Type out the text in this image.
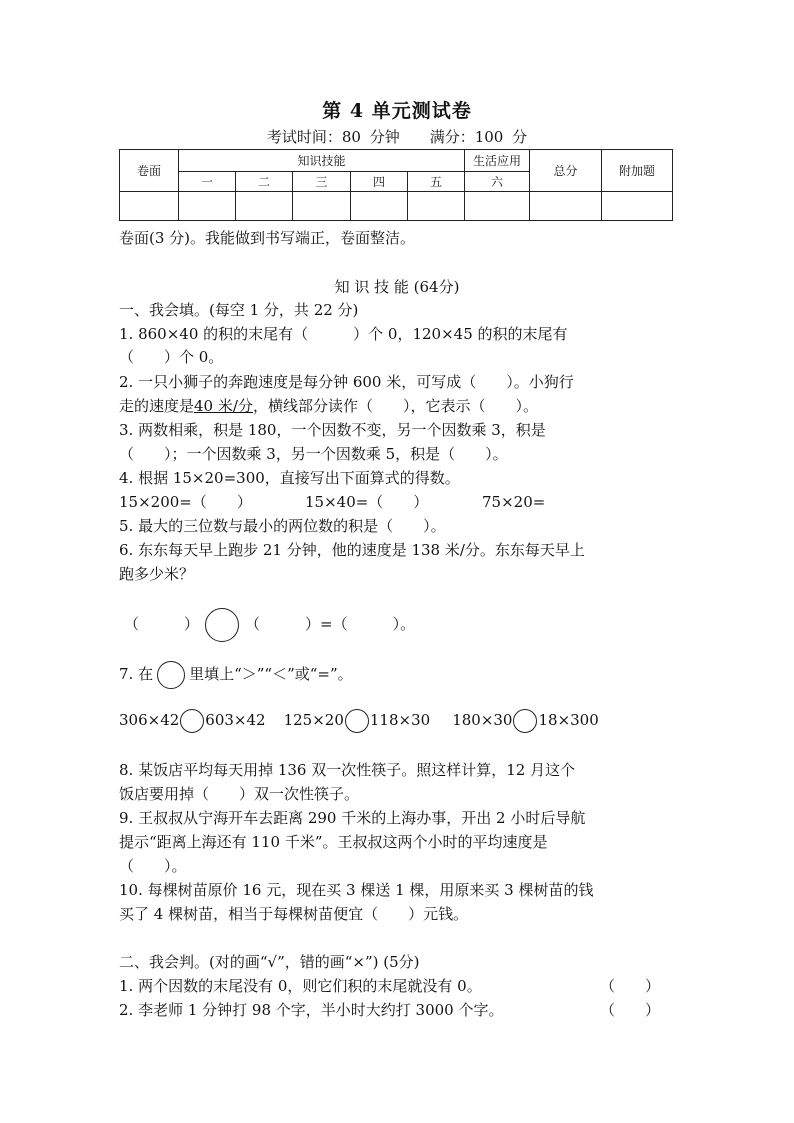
第 4 单元测试卷
考试时间：80 分钟　　满分：100 分
卷面	知识技能					生活应用	总分	附加题
	一	二	三	四	五	六		

卷面(3 分)。我能做到书写端正，卷面整洁。
知 识 技 能 (64分)
一、我会填。(每空 1 分，共 22 分)
1. 860×40 的积的末尾有（　　　）个 0，120×45 的积的末尾有
（　　）个 0。
2. 一只小狮子的奔跑速度是每分钟 600 米，可写成（　　）。小狗行
走的速度是40 米/分，横线部分读作（　　），它表示（　　）。
3. 两数相乘，积是 180，一个因数不变，另一个因数乘 3，积是
（　　）；一个因数乘 3，另一个因数乘 5，积是（　　）。
4. 根据 15×20=300，直接写出下面算式的得数。
15×200=（　　）	15×40=（　　）	75×20=
5. 最大的三位数与最小的两位数的积是（　　）。
6. 东东每天早上跑步 21 分钟，他的速度是 138 米/分。东东每天早上
跑多少米？
（　　　）	（　　　）=（　　　）。
7. 在 里填上“＞”“＜”或“=”。
306×42 603×42 125×20 118×30 180×30 18×300
8. 某饭店平均每天用掉 136 双一次性筷子。照这样计算，12 月这个
饭店要用掉（　　）双一次性筷子。
9. 王叔叔从宁海开车去距离 290 千米的上海办事，开出 2 小时后导航
提示“距离上海还有 110 千米”。王叔叔这两个小时的平均速度是
（　　）。
10. 每棵树苗原价 16 元，现在买 3 棵送 1 棵，用原来买 3 棵树苗的钱
买了 4 棵树苗，相当于每棵树苗便宜（　　）元钱。
二、我会判。(对的画“√”，错的画“×”) (5分)
1. 两个因数的末尾没有 0，则它们积的末尾就没有 0。	（　　）
2. 李老师 1 分钟打 98 个字，半小时大约打 3000 个字。	（　　）
